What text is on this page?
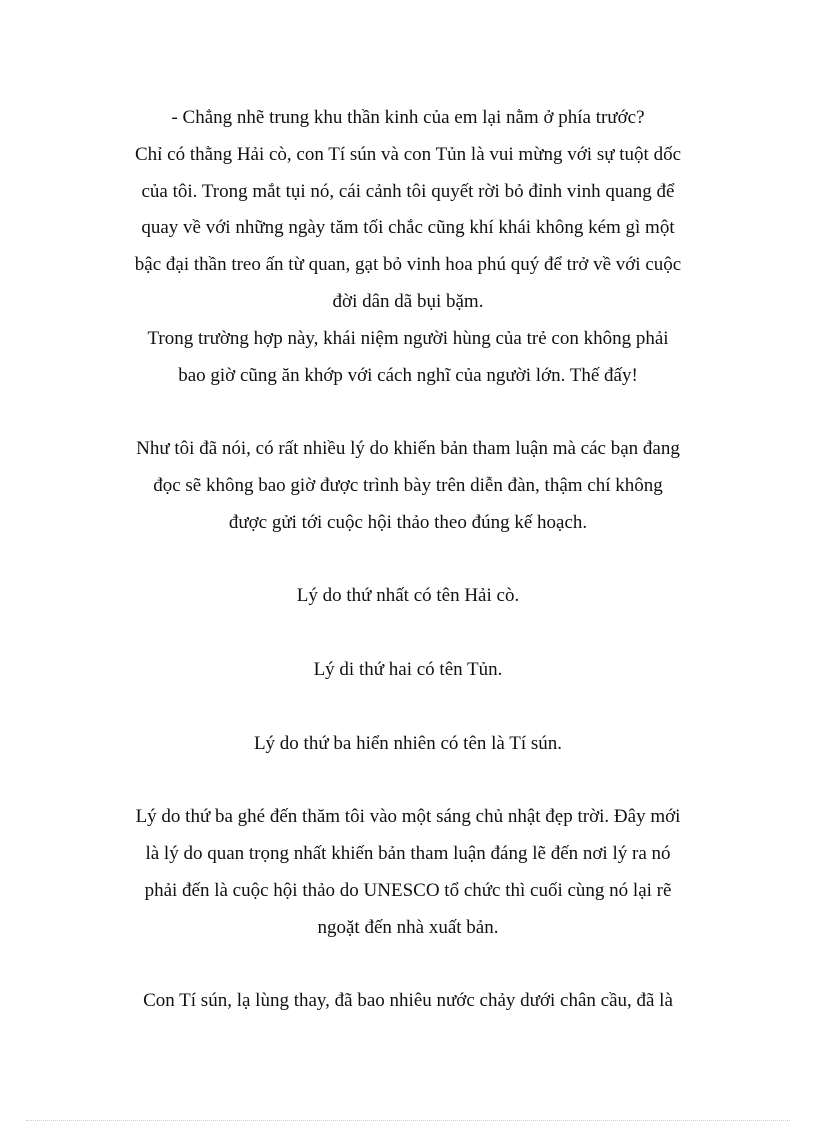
- Chẳng nhẽ trung khu thần kinh của em lại nằm ở phía trước?
Chỉ có thằng Hải cò, con Tí sún và con Tủn là vui mừng với sự tuột dốc
của tôi. Trong mắt tụi nó, cái cảnh tôi quyết rời bỏ đỉnh vinh quang để
quay về với những ngày tăm tối chắc cũng khí khái không kém gì một
bậc đại thần treo ấn từ quan, gạt bỏ vinh hoa phú quý để trở về với cuộc
đời dân dã bụi bặm.
Trong trường hợp này, khái niệm người hùng của trẻ con không phải
bao giờ cũng ăn khớp với cách nghĩ của người lớn. Thế đấy!
Như tôi đã nói, có rất nhiều lý do khiến bản tham luận mà các bạn đang
đọc sẽ không bao giờ được trình bày trên diễn đàn, thậm chí không
được gửi tới cuộc hội thảo theo đúng kế hoạch.
Lý do thứ nhất có tên Hải cò.
Lý di thứ hai có tên Tủn.
Lý do thứ ba hiển nhiên có tên là Tí sún.
Lý do thứ ba ghé đến thăm tôi vào một sáng chủ nhật đẹp trời. Đây mới
là lý do quan trọng nhất khiến bản tham luận đáng lẽ đến nơi lý ra nó
phải đến là cuộc hội thảo do UNESCO tổ chức thì cuối cùng nó lại rẽ
ngoặt đến nhà xuất bản.
Con Tí sún, lạ lùng thay, đã bao nhiêu nước chảy dưới chân cầu, đã là
